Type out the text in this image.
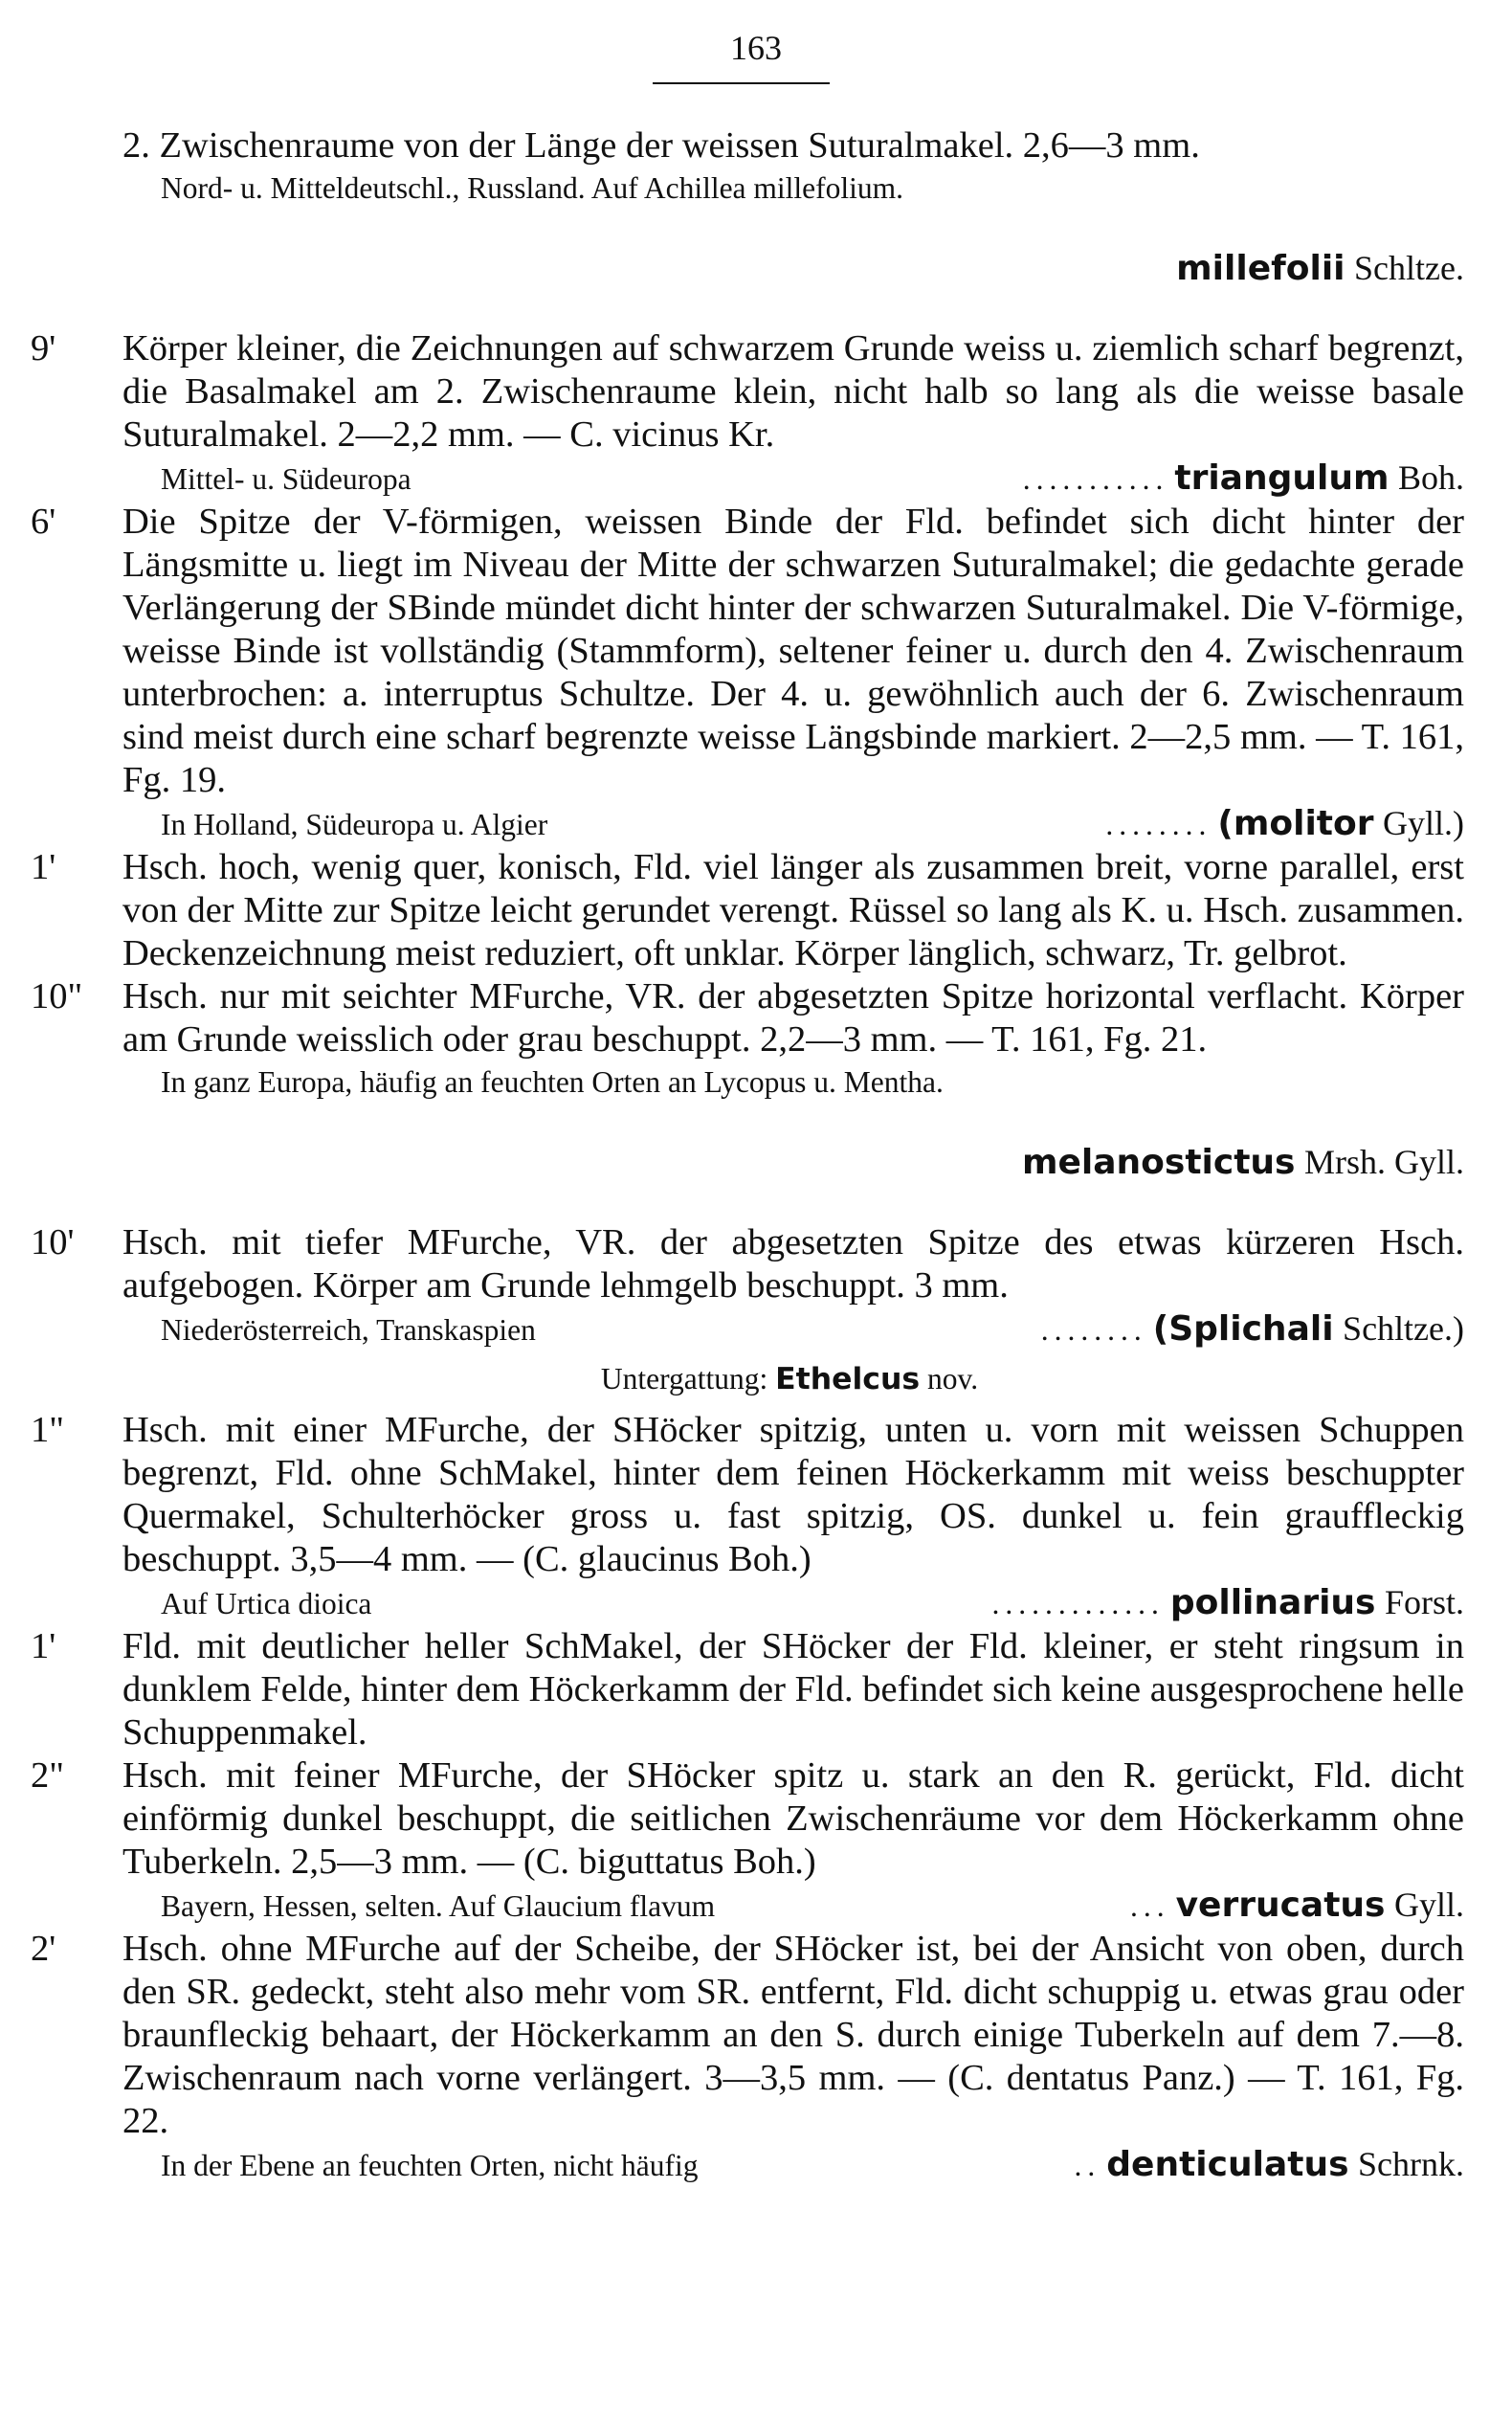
163

2. Zwischenraume von der Länge der weissen Suturalmakel. 2,6—3 mm.

Nord- u. Mitteldeutschl., Russland. Auf Achillea millefolium.

millefolii Schltze.

9'	Körper kleiner, die Zeichnungen auf schwarzem Grunde weiss u. ziemlich scharf begrenzt, die Basalmakel am 2. Zwischenraume klein, nicht halb so lang als die weisse basale Suturalmakel. 2—2,2 mm. — C. vicinus Kr.

Mittel- u. Südeuropa	........... triangulum Boh.

6'	Die Spitze der V-förmigen, weissen Binde der Fld. befindet sich dicht hinter der Längsmitte u. liegt im Niveau der Mitte der schwarzen Suturalmakel; die gedachte gerade Verlängerung der SBinde mündet dicht hinter der schwarzen Suturalmakel. Die V-förmige, weisse Binde ist vollständig (Stammform), seltener feiner u. durch den 4. Zwischenraum unterbrochen: a. interruptus Schultze. Der 4. u. gewöhnlich auch der 6. Zwischenraum sind meist durch eine scharf begrenzte weisse Längsbinde markiert. 2—2,5 mm. — T. 161, Fg. 19.

In Holland, Südeuropa u. Algier	........ (molitor Gyll.)

1'	Hsch. hoch, wenig quer, konisch, Fld. viel länger als zusammen breit, vorne parallel, erst von der Mitte zur Spitze leicht gerundet verengt. Rüssel so lang als K. u. Hsch. zusammen. Deckenzeichnung meist reduziert, oft unklar. Körper länglich, schwarz, Tr. gelbrot.

10"	Hsch. nur mit seichter MFurche, VR. der abgesetzten Spitze horizontal verflacht. Körper am Grunde weisslich oder grau beschuppt. 2,2—3 mm. — T. 161, Fg. 21.

In ganz Europa, häufig an feuchten Orten an Lycopus u. Mentha.

melanostictus Mrsh. Gyll.

10'	Hsch. mit tiefer MFurche, VR. der abgesetzten Spitze des etwas kürzeren Hsch. aufgebogen. Körper am Grunde lehmgelb beschuppt. 3 mm.

Niederösterreich, Transkaspien	........ (Splichali Schltze.)

Untergattung: Ethelcus nov.

1"	Hsch. mit einer MFurche, der SHöcker spitzig, unten u. vorn mit weissen Schuppen begrenzt, Fld. ohne SchMakel, hinter dem feinen Höckerkamm mit weiss beschuppter Quermakel, Schulterhöcker gross u. fast spitzig, OS. dunkel u. fein grauffleckig beschuppt. 3,5—4 mm. — (C. glaucinus Boh.)

Auf Urtica dioica	............. pollinarius Forst.

1'	Fld. mit deutlicher heller SchMakel, der SHöcker der Fld. kleiner, er steht ringsum in dunklem Felde, hinter dem Höckerkamm der Fld. befindet sich keine ausgesprochene helle Schuppenmakel.

2"	Hsch. mit feiner MFurche, der SHöcker spitz u. stark an den R. gerückt, Fld. dicht einförmig dunkel beschuppt, die seitlichen Zwischenräume vor dem Höckerkamm ohne Tuberkeln. 2,5—3 mm. — (C. biguttatus Boh.)

Bayern, Hessen, selten. Auf Glaucium flavum	... verrucatus Gyll.

2'	Hsch. ohne MFurche auf der Scheibe, der SHöcker ist, bei der Ansicht von oben, durch den SR. gedeckt, steht also mehr vom SR. entfernt, Fld. dicht schuppig u. etwas grau oder braunfleckig behaart, der Höckerkamm an den S. durch einige Tuberkeln auf dem 7.—8. Zwischenraum nach vorne verlängert. 3—3,5 mm. — (C. dentatus Panz.) — T. 161, Fg. 22.

In der Ebene an feuchten Orten, nicht häufig	.. denticulatus Schrnk.
